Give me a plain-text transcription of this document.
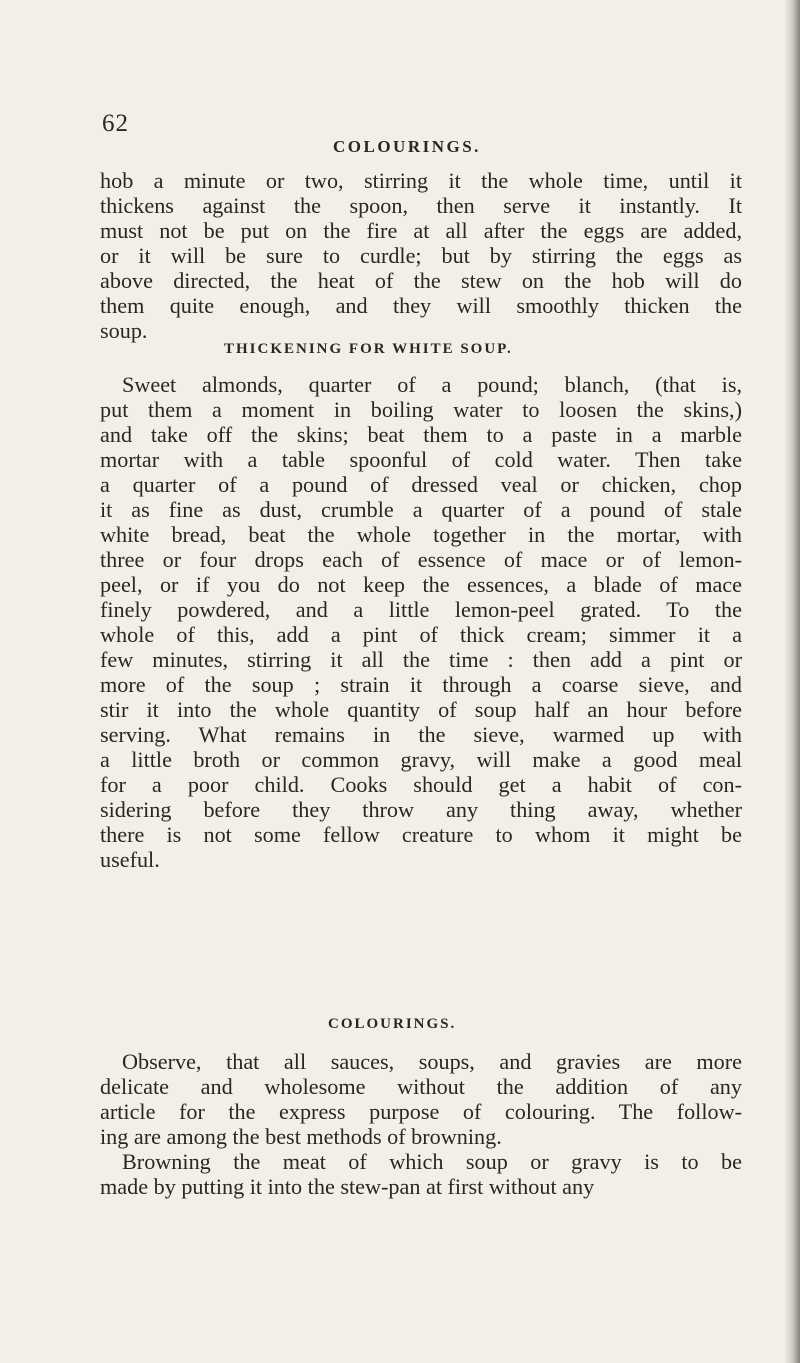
62
COLOURINGS.
hob a minute or two, stirring it the whole time, until it
thickens against the spoon, then serve it instantly. It
must not be put on the fire at all after the eggs are added,
or it will be sure to curdle; but by stirring the eggs as
above directed, the heat of the stew on the hob will do
them quite enough, and they will smoothly thicken the
soup.
THICKENING FOR WHITE SOUP.
Sweet almonds, quarter of a pound; blanch, (that is,
put them a moment in boiling water to loosen the skins,)
and take off the skins; beat them to a paste in a marble
mortar with a table spoonful of cold water. Then take
a quarter of a pound of dressed veal or chicken, chop
it as fine as dust, crumble a quarter of a pound of stale
white bread, beat the whole together in the mortar, with
three or four drops each of essence of mace or of lemon-
peel, or if you do not keep the essences, a blade of mace
finely powdered, and a little lemon-peel grated. To the
whole of this, add a pint of thick cream; simmer it a
few minutes, stirring it all the time : then add a pint or
more of the soup ; strain it through a coarse sieve, and
stir it into the whole quantity of soup half an hour before
serving. What remains in the sieve, warmed up with
a little broth or common gravy, will make a good meal
for a poor child. Cooks should get a habit of con-
sidering before they throw any thing away, whether
there is not some fellow creature to whom it might be
useful.
COLOURINGS.
Observe, that all sauces, soups, and gravies are more
delicate and wholesome without the addition of any
article for the express purpose of colouring. The follow-
ing are among the best methods of browning.
Browning the meat of which soup or gravy is to be
made by putting it into the stew-pan at first without any
